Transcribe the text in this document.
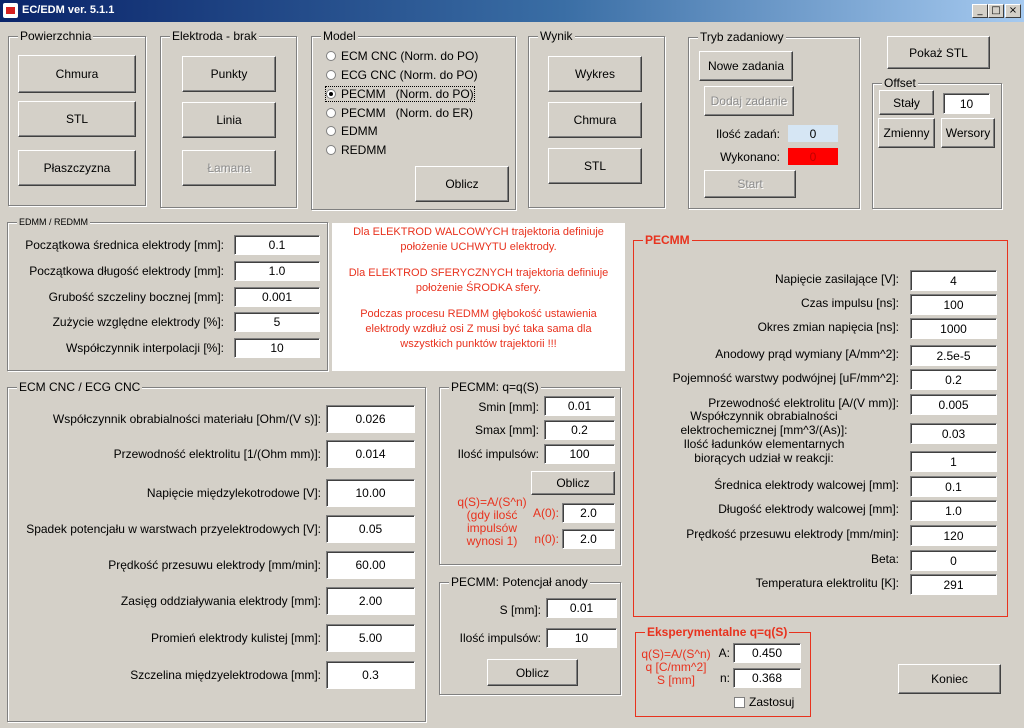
EC/EDM ver. 5.1.1	_ □ ×
Powierzchnia
Chmura
STL
Płaszczyzna
Elektroda - brak
Punkty
Linia
Łamana
Model
ECM CNC (Norm. do PO)
ECG CNC (Norm. do PO)
PECMM   (Norm. do PO)
PECMM   (Norm. do ER)
EDMM
REDMM
Oblicz
Wynik
Wykres
Chmura
STL
Tryb zadaniowy
Nowe zadania
Dodaj zadanie
Ilość zadań:	0
Wykonano:	0
Start
Pokaż STL
Offset
Stały	10
Zmienny	Wersory
EDMM / REDMM
Początkowa średnica elektrody [mm]:	0.1
Początkowa długość elektrody [mm]:	1.0
Grubość szczeliny bocznej [mm]:	0.001
Zużycie względne elektrody [%]:	5
Współczynnik interpolacji [%]:	10

Dla ELEKTROD WALCOWYCH trajektoria definiuje
położenie UCHWYTU elektrody.

Dla ELEKTROD SFERYCZNYCH trajektoria definiuje
położenie ŚRODKA sfery.

Podczas procesu REDMM głębokość ustawienia
elektrody wzdłuż osi Z musi być taka sama dla
wszystkich punktów trajektorii !!!

ECM CNC / ECG CNC
Współczynnik obrabialności materiału [Ohm/(V s)]:	0.026
Przewodność elektrolitu [1/(Ohm mm)]:	0.014
Napięcie międzylekotrodowe [V]:	10.00
Spadek potencjału w warstwach przyelektrodowych [V]:	0.05
Prędkość przesuwu elektrody [mm/min]:	60.00
Zasięg oddziaływania elektrody [mm]:	2.00
Promień elektrody kulistej [mm]:	5.00
Szczelina międzyelektrodowa [mm]:	0.3
PECMM: q=q(S)
Smin [mm]:	0.01
Smax [mm]:	0.2
Ilość impulsów:	100
Oblicz
q(S)=A/(S^n)
(gdy ilość
impulsów
wynosi 1)
A(0):	2.0
n(0):	2.0
PECMM: Potencjał anody
S [mm]:	0.01
Ilość impulsów:	10
Oblicz
PECMM
Napięcie zasilające [V]:	4
Czas impulsu [ns]:	100
Okres zmian napięcia [ns]:	1000
Anodowy prąd wymiany [A/mm^2]:	2.5e-5
Pojemność warstwy podwójnej [uF/mm^2]:	0.2
Przewodność elektrolitu [A/(V mm)]:	0.005
Współczynnik obrabialności
elektrochemicznej [mm^3/(As)]:	0.03
Ilość ładunków elementarnych
biorących udział w reakcji:	1
Średnica elektrody walcowej [mm]:	0.1
Długość elektrody walcowej [mm]:	1.0
Prędkość przesuwu elektrody [mm/min]:	120
Beta:	0
Temperatura elektrolitu [K]:	291
Eksperymentalne q=q(S)
q(S)=A/(S^n)
q [C/mm^2]
S [mm]
A:	0.450
n:	0.368
Zastosuj
Koniec
